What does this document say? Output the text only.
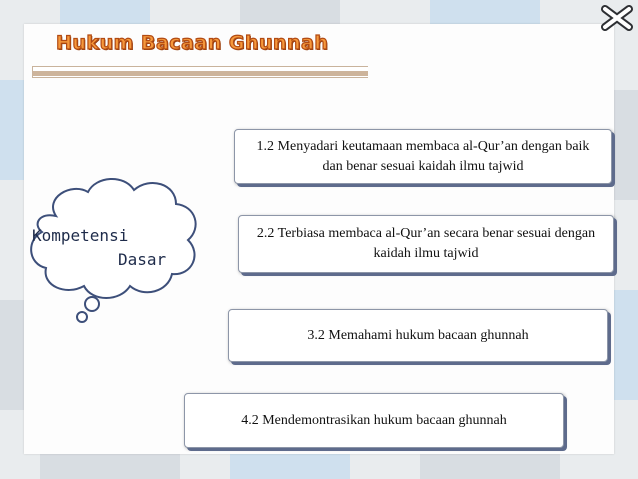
Hukum Bacaan Ghunnah
Kompetensi
Dasar
1.2 Menyadari keutamaan membaca al-Qur’an dengan baik dan benar sesuai kaidah ilmu tajwid
2.2 Terbiasa membaca al-Qur’an secara benar sesuai dengan kaidah ilmu tajwid
3.2 Memahami hukum bacaan ghunnah
4.2 Mendemontrasikan hukum bacaan ghunnah
